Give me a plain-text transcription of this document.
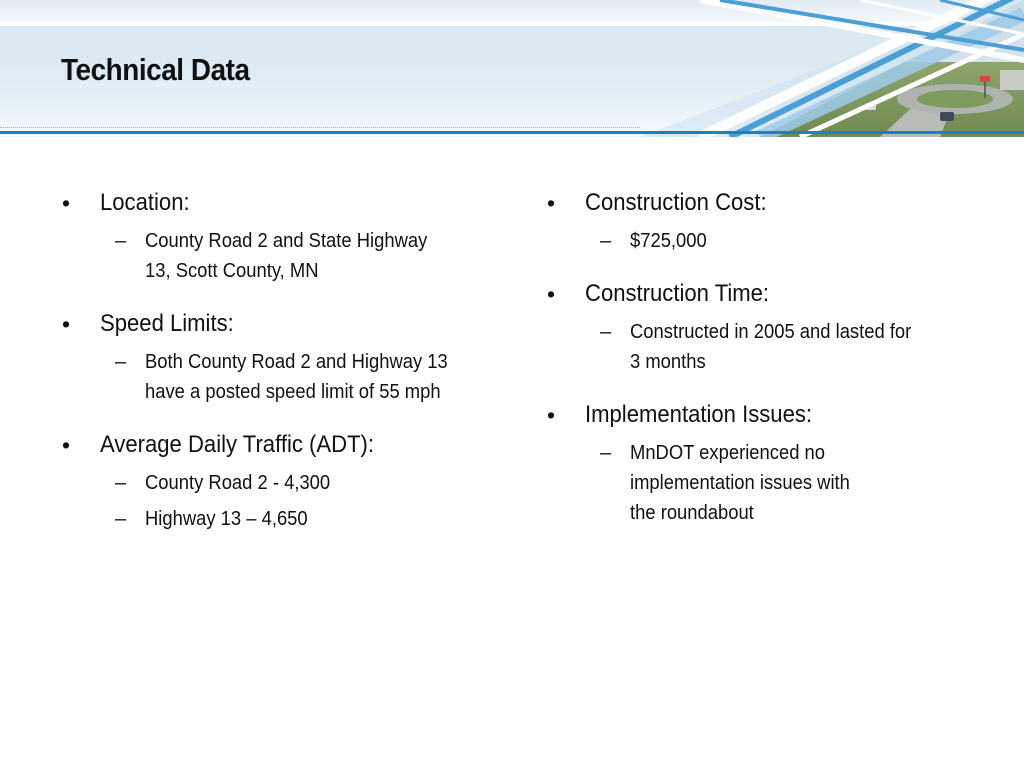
Technical Data
• Location:
– County Road 2 and State Highway
13, Scott County, MN
• Speed Limits:
– Both County Road 2 and Highway 13
have a posted speed limit of 55 mph
• Average Daily Traffic (ADT):
– County Road 2 - 4,300
– Highway 13 – 4,650
• Construction Cost:
– $725,000
• Construction Time:
– Constructed in 2005 and lasted for
3 months
• Implementation Issues:
– MnDOT experienced no
implementation issues with
the roundabout
